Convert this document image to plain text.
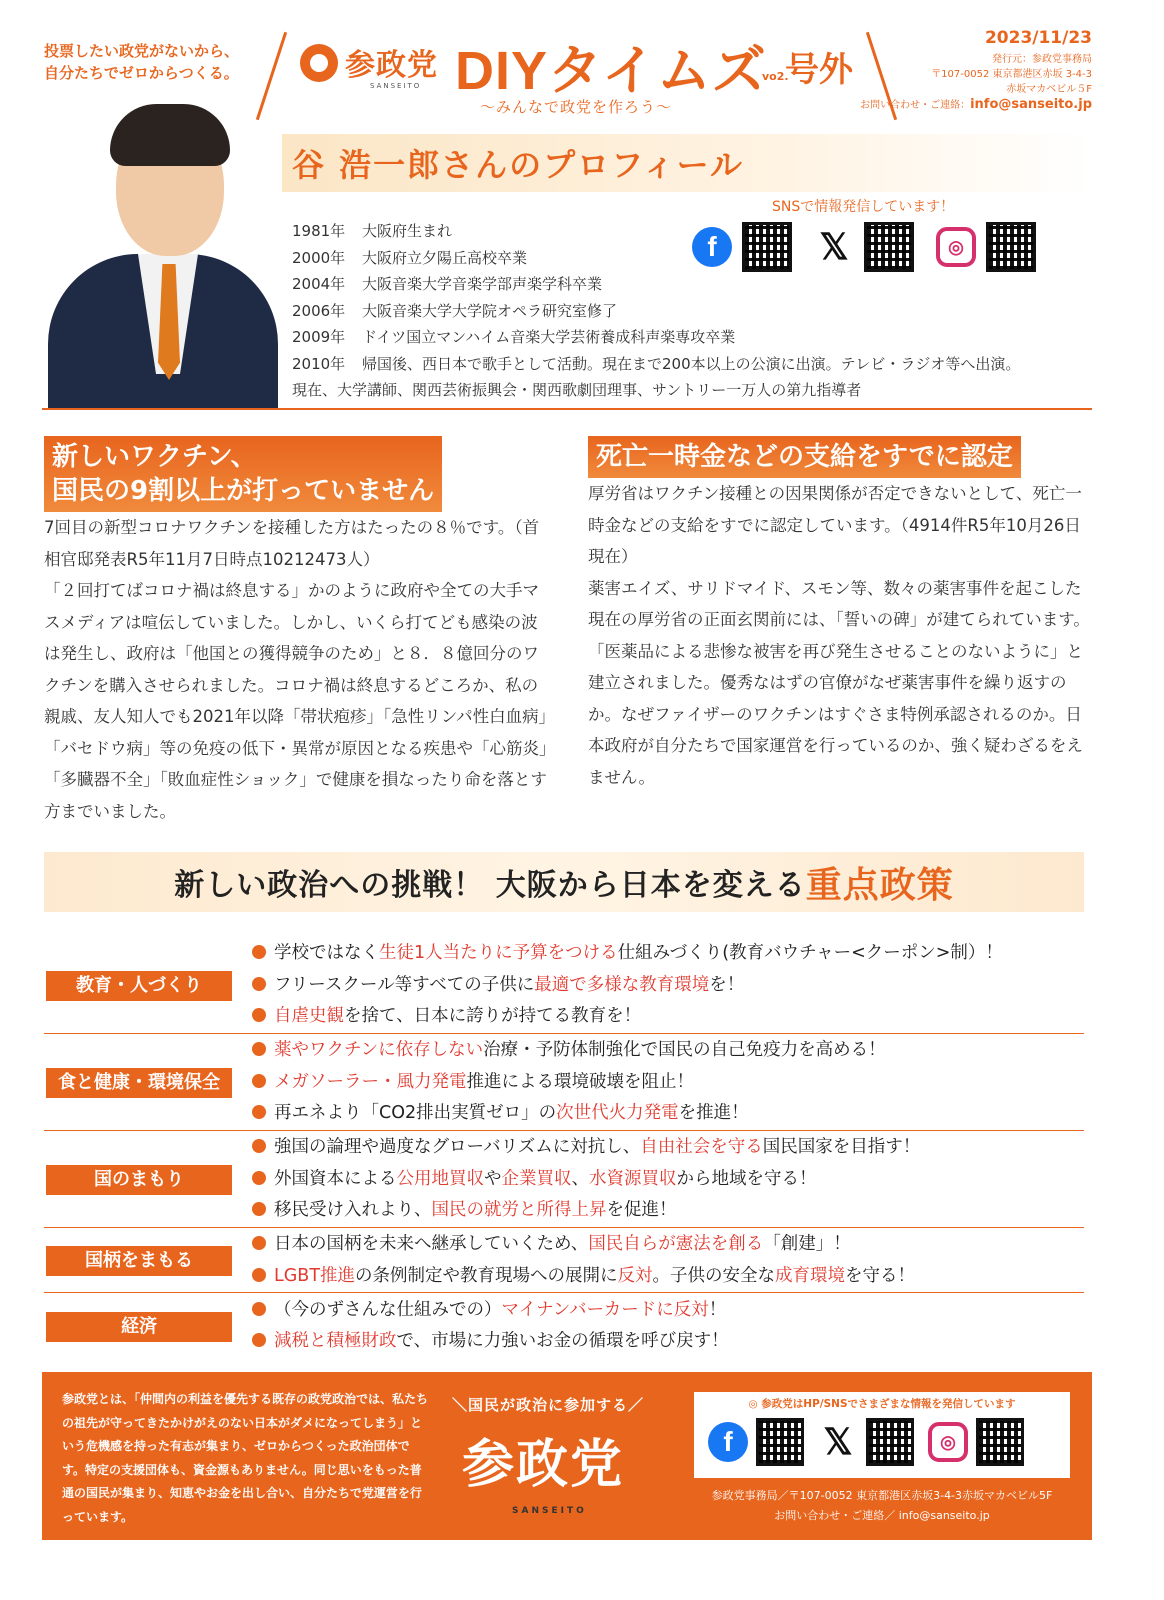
投票したい政党がないから、
自分たちでゼロからつくる。	参政党
SANSEITO DIYタイムズ
vo2.
号外
〜みんなで政党を作ろう〜
2023/11/23
発行元：参政党事務局
〒107-0052 東京都港区赤坂 3-4-3
赤坂マカベビル５F
お問い合わせ・ご連絡：info@sanseito.jp
谷 浩一郎さんのプロフィール
SNSで情報発信しています！
f	𝕏	◎
1981年 大阪府生まれ
2000年 大阪府立夕陽丘高校卒業
2004年 大阪音楽大学音楽学部声楽学科卒業
2006年 大阪音楽大学大学院オペラ研究室修了
2009年 ドイツ国立マンハイム音楽大学芸術養成科声楽専攻卒業
2010年 帰国後、西日本で歌手として活動。現在まで200本以上の公演に出演。テレビ・ラジオ等へ出演。
現在、大学講師、関西芸術振興会・関西歌劇団理事、サントリー一万人の第九指導者
新しいワクチン、
国民の9割以上が打っていません
7回目の新型コロナワクチンを接種した方はたったの８％です。（首相官邸発表R5年11月7日時点10212473人）
「２回打てばコロナ禍は終息する」かのように政府や全ての大手マスメディアは喧伝していました。しかし、いくら打てども感染の波は発生し、政府は「他国との獲得競争のため」と８．８億回分のワクチンを購入させられました。コロナ禍は終息するどころか、私の親戚、友人知人でも2021年以降「帯状疱疹」「急性リンパ性白血病」「バセドウ病」等の免疫の低下・異常が原因となる疾患や「心筋炎」「多臓器不全」「敗血症性ショック」で健康を損なったり命を落とす方までいました。
死亡一時金などの支給をすでに認定
厚労省はワクチン接種との因果関係が否定できないとして、死亡一時金などの支給をすでに認定しています。（4914件R5年10月26日現在）
薬害エイズ、サリドマイド、スモン等、数々の薬害事件を起こした現在の厚労省の正面玄関前には、「誓いの碑」が建てられています。「医薬品による悲惨な被害を再び発生させることのないように」と建立されました。優秀なはずの官僚がなぜ薬害事件を繰り返すのか。なぜファイザーのワクチンはすぐさま特例承認されるのか。日本政府が自分たちで国家運営を行っているのか、強く疑わざるをえません。
新しい政治への挑戦！ 大阪から日本を変える 重点政策
教育・人づくり
学校ではなく生徒1人当たりに予算をつける仕組みづくり(教育バウチャー<クーポン>制）！
フリースクール等すべての子供に最適で多様な教育環境を！
自虐史観を捨て、日本に誇りが持てる教育を！
食と健康・環境保全
薬やワクチンに依存しない治療・予防体制強化で国民の自己免疫力を高める！
メガソーラー・風力発電推進による環境破壊を阻止！
再エネより「CO2排出実質ゼロ」の次世代火力発電を推進！
国のまもり
強国の論理や過度なグローバリズムに対抗し、自由社会を守る国民国家を目指す！
外国資本による公用地買収や企業買収、水資源買収から地域を守る！
移民受け入れより、国民の就労と所得上昇を促進！
国柄をまもる
日本の国柄を未来へ継承していくため、国民自らが憲法を創る「創建」！
LGBT推進の条例制定や教育現場への展開に反対。子供の安全な成育環境を守る！
経済
（今のずさんな仕組みでの）マイナンバーカードに反対！
減税と積極財政で、市場に力強いお金の循環を呼び戻す！
参政党とは、「仲間内の利益を優先する既存の政党政治では、私たちの祖先が守ってきたかけがえのない日本がダメになってしまう」という危機感を持った有志が集まり、ゼロからつくった政治団体です。特定の支援団体も、資金源もありません。同じ思いをもった普通の国民が集まり、知恵やお金を出し合い、自分たちで党運営を行っています。
＼国民が政治に参加する／
参政党
SANSEITO
◎ 参政党はHP/SNSでさまざまな情報を発信しています
f	𝕏	◎
参政党事務局／〒107-0052 東京都港区赤坂3-4-3赤坂マカベビル5F
お問い合わせ・ご連絡／ info@sanseito.jp
